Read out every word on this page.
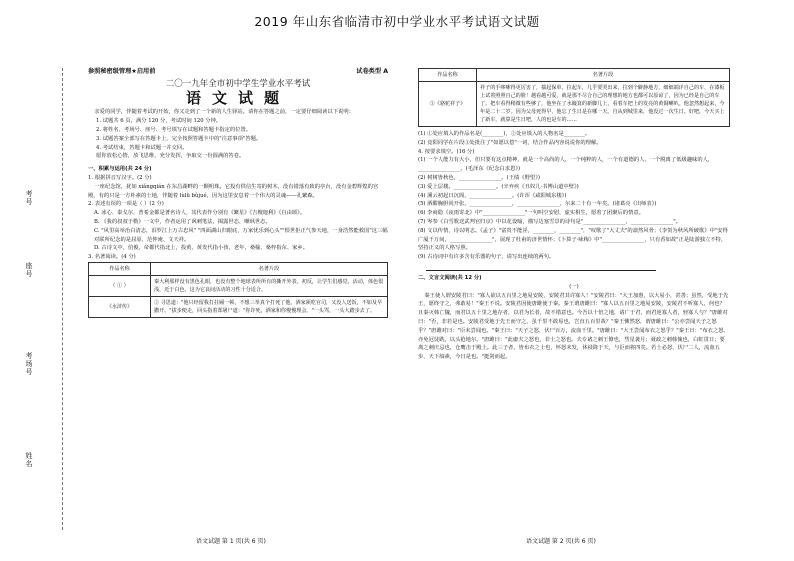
2019 年山东省临清市初中学业水平考试语文试题
考号
座号
考场号
姓名
参照秘密级管理★启用前	试卷类型 A
二〇一九年全市初中学生学业水平考试
语文试题

亲爱的同学，伴随着考试的开始，你又走到了一个新的人生驿站。请你在答题之前，一定要仔细阅读以下说明：

1. 试题共 6 页，满分 120 分，考试时间 120 分钟。
2. 将姓名、考场号、座号、考号填写在试题和答题卡指定的位置。
3. 试题答案全部写在答题卡上，完全按照答题卡中的"注意事项"答题。
4. 考试结束，答题卡和试题一并交回。
愿你放松心情，放飞思维，充分发挥，争取交一份圆满的答卷。
一、积累与运用(共 24 分)
1. 根据拼音写汉字。(2 分)

一座纪念馆，犹如 xiǎngqián 在东昌湖畔的一颗明珠。它投有供信生寄的树木，没有错落有致的亭台，没有金碧辉煌的宫殿，有的只是一方朴素的土地，伴随着 lùlǜ bǔjué，因为这里安息着一个伟大的灵魂——孔繁森。

2. 表述有误的一项是（ ）(2 分)
A. 冰心、泰戈尔、普希金都是著名诗人，其代表作分别有《繁星》《吉檀迦利》《自由颂》。
B. 《我的叔叔于勒》一文中，作者运用了讽刺笔法，揭露世态，嘲讽世态。
C. "风里高举治白清志，泪罗江上万古忠风" "四面湖山归眼底，万家忧乐到心头""恨世拒正气参天地，一身浩然能救国"这三幅对联所纪念的是屈原、范仲淹、文天祥。
D. 古诗文中，伯俊、帝都代指北上，投黄、黄发代指小孩、老年，桑榆、桑梓指东、家乡。
3. 名著阅读。(4 分)
作品名称	名著片段
（ ① ）	秦大利那样没有黑色孔眼，也没有整个地球表所所有的撕开外表。初反，让学生们感觉，活动，体色很浅，近于白色，这为它良间活动的习性十分适合。
《水浒传》	② 寻思道："他只经留我打拄厢一顿，不想三拳真个打死了他。洒家须吃官司，又没人送饭，不如及早撒开。"拔步便走，回头指着郑屠尸道："你诈死，洒家和你慢慢理会。"一头骂，一头大踏步去了。
语文试题 第 1 页(共 6 页)
作品名称	名著片段
③《骆驼祥子》	祥子的手哆嗦得更厉害了，揣起保单，拉起车，几乎要哭出来，拉到个僻静地方，细细端详自己的车，在漆板上试着照照自己的脸！越看越可爱，就是那不尽合自己的理想的地方也都可以原谅了，因为已经是自己的车了。把车看得稍微有些够了，他坐在了水簸箕的新脚儿上，看着车把上的发亮的黄铜喇叭。他忽然想起来，今年是二十二岁。因为父母死得早，他忘了生日是在哪一天。自从到城里来，他没过一次生日。好吧，今天买上了新车，就算是生日吧，人的也是车的……
(1) ①处应填入的作品名是(________)，②处应填入的人物名是________。
(2) 竟阳同学在片段③处批注了"如愿以偿"一词，结合作品内容说说你的理解。
4. 按要求填空。(16 分)
(1) 一个人能力有大小，但只要有这点精神，就是一个高尚的人，一个纯粹的人，一个有道德的人，一个脱离了低级趣味的人，________________。(毛泽东《纪念白求恩》)
(2) 树树皆秋色，________________。(王绩《野望》)
(3) 爱上层楼。________________。(辛弃疾《丑奴儿·书博山道中壁》)
(4) 溪云初起日沉阁，________________。(许浑《咸阳城东楼》)
(5) 酒酣胸胆尚开张，________________，________________，尔来二十有一年矣。(诸葛亮《出师表》)
(6) 李商隐《夜雨寄北》中"________________"一句叫空安慰，虚实相生，愿着了团聚后的情意。
(7) 岑参《白雪歌送武判官归京》中以花设喻，描写边塞雪景的诗句是"________________，________________"。
(8) 文以传情，诗以明志。《孟子》"富贵不能淫，________，________"，"叹歌了"大丈夫"的凛然风骨；《李贺为秋风所破歌》中"安得广厦千万间，________________"，展现了杜甫的济世情怀；《卜算子·咏梅》中"________________，只有香如故"正是陆游独立不特，坚持正义的人格写照。
(9) 古诗词中有许多含有乐器的句子，请写出连续的两句。
二、文言文阅读(共 12 分)
(一)

秦王使人谓安陵君曰："寡人欲以五百里之地易安陵，安陵君其许寡人！"安陵君曰："大王加惠，以大易小，甚善；虽然，受地于先王，愿终守之，弗敢易！"秦王不说。安陵君因使唐雎使于秦。秦王谓唐雎曰："寡人以五百里之地易安陵，安陵君不听寡人，何也？且秦灭韩亡魏，而君以五十里之地存者，以君为长者，故不错意也。今吾以十倍之地，请广于君，而君逆寡人者，轻寡人与？"唐雎对曰："否，非若是也。安陵君受地于先王而守之，虽千里不敢易也，岂直五百里哉？"秦王怫然怒，谓唐雎曰："公亦尝闻天子之怒乎？"唐雎对曰："臣未尝闻也。"秦王曰："天子之怒，伏尸百万，流血千里。"唐雎曰："大王尝闻布衣之怒乎？"秦王曰："布衣之怒，亦免冠徒跣，以头抢地尔。"唐雎曰："此庸夫之怒也，非士之怒也。夫专诸之刺王僚也，彗星袭月；聂政之刺韩傀也，白虹贯日；要离之刺庆忌也，仓鹰击于殿上。此三子者，皆布衣之士也，怀怒未发，休祲降于天，与臣而将四矣。若士必怒，伏尸二人，流血五步，天下缟素，今日是也。"挺剑而起。

语文试题 第 2 页(共 6 页)
